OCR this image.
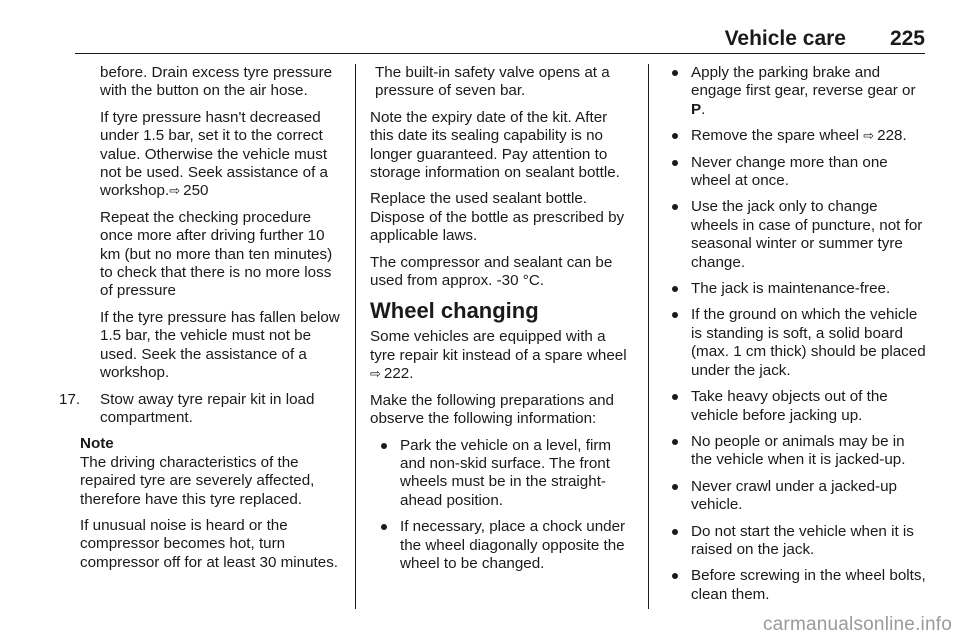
Vehicle care 225

before. Drain excess tyre pressure with the button on the air hose.

If tyre pressure hasn't decreased under 1.5 bar, set it to the correct value. Otherwise the vehicle must not be used. Seek assistance of a workshop.⇨ 250

Repeat the checking procedure once more after driving further 10 km (but no more than ten minutes) to check that there is no more loss of pressure

If the tyre pressure has fallen below 1.5 bar, the vehicle must not be used. Seek the assistance of a workshop.

17. Stow away tyre repair kit in load compartment.

Note
The driving characteristics of the repaired tyre are severely affected, therefore have this tyre replaced.

If unusual noise is heard or the compressor becomes hot, turn compressor off for at least 30 minutes.

The built-in safety valve opens at a pressure of seven bar.

Note the expiry date of the kit. After this date its sealing capability is no longer guaranteed. Pay attention to storage information on sealant bottle.

Replace the used sealant bottle. Dispose of the bottle as prescribed by applicable laws.

The compressor and sealant can be used from approx. -30 °C.

Wheel changing

Some vehicles are equipped with a tyre repair kit instead of a spare wheel ⇨ 222.

Make the following preparations and observe the following information:

Park the vehicle on a level, firm and non-skid surface. The front wheels must be in the straight-ahead position.
If necessary, place a chock under the wheel diagonally opposite the wheel to be changed.
Apply the parking brake and engage first gear, reverse gear or P.
Remove the spare wheel ⇨ 228.
Never change more than one wheel at once.
Use the jack only to change wheels in case of puncture, not for seasonal winter or summer tyre change.
The jack is maintenance-free.
If the ground on which the vehicle is standing is soft, a solid board (max. 1 cm thick) should be placed under the jack.
Take heavy objects out of the vehicle before jacking up.
No people or animals may be in the vehicle when it is jacked-up.
Never crawl under a jacked-up vehicle.
Do not start the vehicle when it is raised on the jack.
Before screwing in the wheel bolts, clean them.
carmanualsonline.info
